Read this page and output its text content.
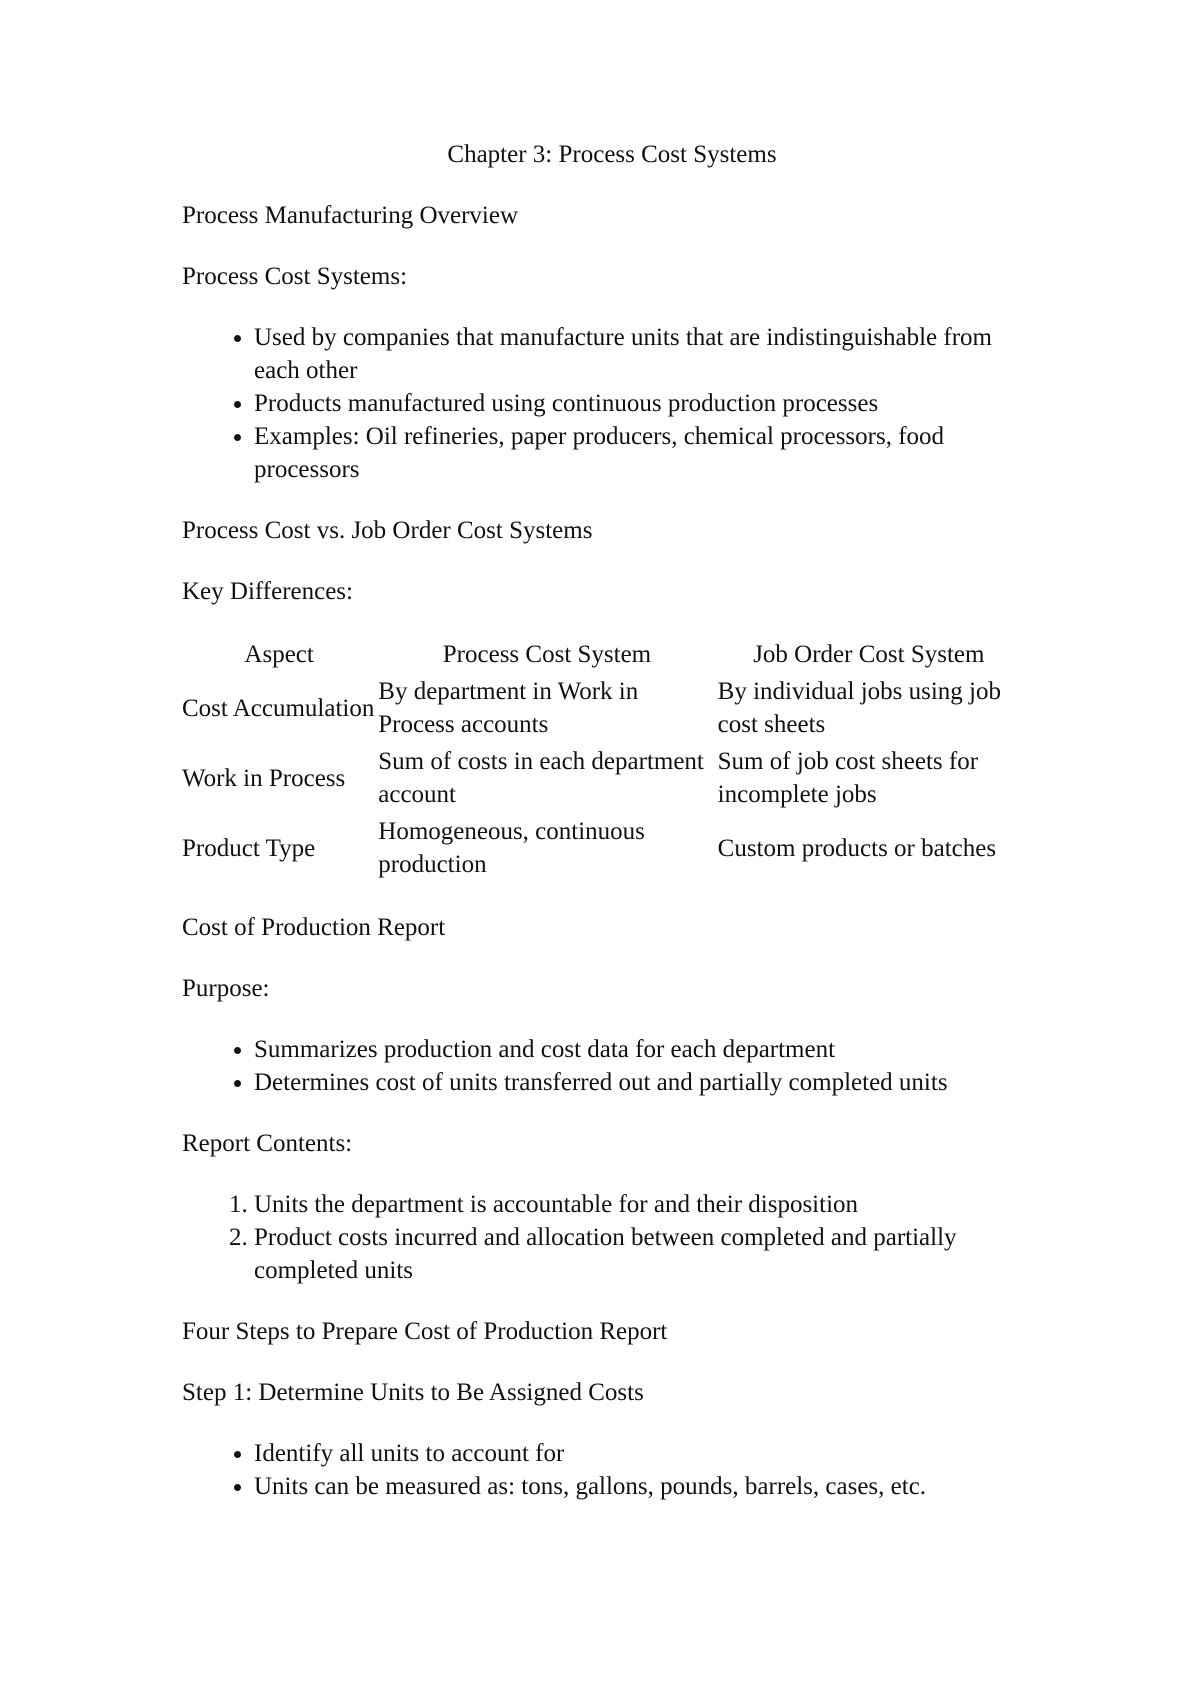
Chapter 3: Process Cost Systems

Process Manufacturing Overview

Process Cost Systems:

• Used by companies that manufacture units that are indistinguishable from each other
• Products manufactured using continuous production processes
• Examples: Oil refineries, paper producers, chemical processors, food processors

Process Cost vs. Job Order Cost Systems

Key Differences:

Aspect	Process Cost System	Job Order Cost System
Cost Accumulation	By department in Work in Process accounts	By individual jobs using job cost sheets
Work in Process	Sum of costs in each department account	Sum of job cost sheets for incomplete jobs
Product Type	Homogeneous, continuous production	Custom products or batches

Cost of Production Report

Purpose:

• Summarizes production and cost data for each department
• Determines cost of units transferred out and partially completed units

Report Contents:

1. Units the department is accountable for and their disposition
2. Product costs incurred and allocation between completed and partially completed units

Four Steps to Prepare Cost of Production Report

Step 1: Determine Units to Be Assigned Costs

• Identify all units to account for
• Units can be measured as: tons, gallons, pounds, barrels, cases, etc.
